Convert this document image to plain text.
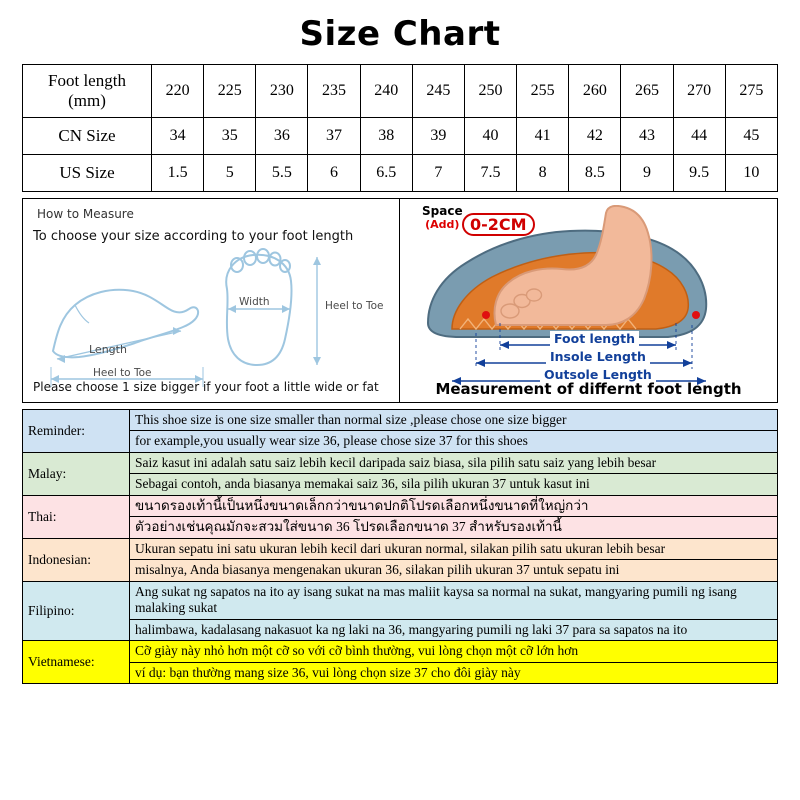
Size Chart
Foot length
(mm)	220	225	230	235	240	245	250	255	260	265	270	275
CN Size	34	35	36	37	38	39	40	41	42	43	44	45
US Size	1.5	5	5.5	6	6.5	7	7.5	8	8.5	9	9.5	10
How to Measure
To choose your size according to your foot length
Please choose 1 size bigger if your foot a little wide or fat
Length
Heel to Toe
Width	Heel to Toe
Space
(Add) 0-2CM
Foot length
Insole Length
Outsole Length
Measurement of differnt foot length
Reminder:	This shoe size is one size smaller than normal size ,please chose one size bigger
	for example,you usually wear size 36, please chose size 37 for this shoes
Malay:	Saiz kasut ini adalah satu saiz lebih kecil daripada saiz biasa, sila pilih satu saiz yang lebih besar
	Sebagai contoh, anda biasanya memakai saiz 36, sila pilih ukuran 37 untuk kasut ini
Thai:	ขนาดรองเท้านี้เป็นหนึ่งขนาดเล็กกว่าขนาดปกติโปรดเลือกหนึ่งขนาดที่ใหญ่กว่า
	ตัวอย่างเช่นคุณมักจะสวมใส่ขนาด 36 โปรดเลือกขนาด 37 สำหรับรองเท้านี้
Indonesian:	Ukuran sepatu ini satu ukuran lebih kecil dari ukuran normal, silakan pilih satu ukuran lebih besar
	misalnya, Anda biasanya mengenakan ukuran 36, silakan pilih ukuran 37 untuk sepatu ini
Filipino:	Ang sukat ng sapatos na ito ay isang sukat na mas maliit kaysa sa normal na sukat, mangyaring pumili ng isang malaking sukat
	halimbawa, kadalasang nakasuot ka ng laki na 36, mangyaring pumili ng laki 37 para sa sapatos na ito
Vietnamese:	Cỡ giày này nhỏ hơn một cỡ so với cỡ bình thường, vui lòng chọn một cỡ lớn hơn
	ví dụ: bạn thường mang size 36, vui lòng chọn size 37 cho đôi giày này
